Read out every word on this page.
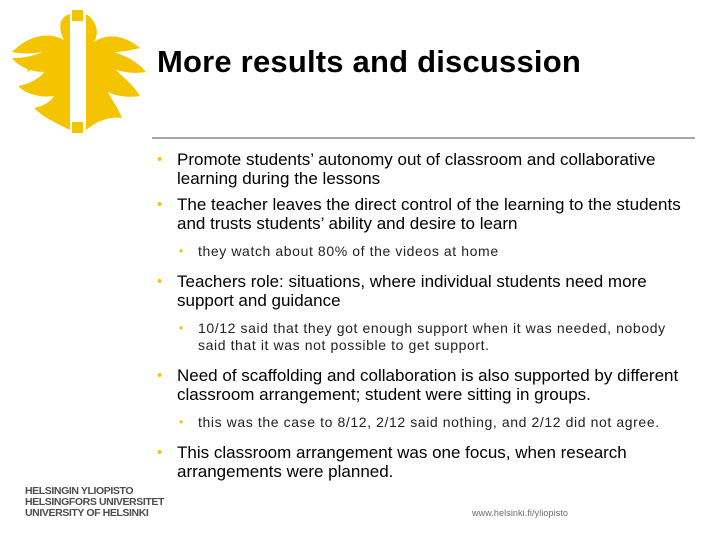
More results and discussion
• Promote students’ autonomy out of classroom and collaborative learning during the lessons
• The teacher leaves the direct control of the learning to the students and trusts students’ ability and desire to learn
• they watch about 80% of the videos at home
• Teachers role: situations, where individual students need more support and guidance
• 10/12 said that they got enough support when it was needed, nobody said that it was not possible to get support.
• Need of scaffolding and collaboration is also supported by different classroom arrangement; student were sitting in groups.
• this was the case to 8/12, 2/12 said nothing, and 2/12 did not agree.
• This classroom arrangement was one focus, when research arrangements were planned.
HELSINGIN YLIOPISTO
HELSINGFORS UNIVERSITET
UNIVERSITY OF HELSINKI	www.helsinki.fi/yliopisto
